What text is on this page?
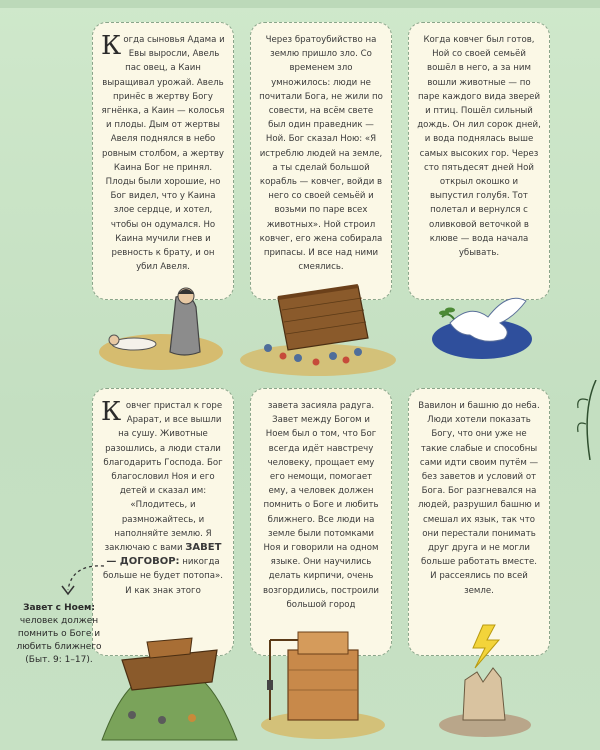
Когда сыновья Адама и Евы выросли, Авель пас овец, а Каин выращивал урожай. Авель принёс в жертву Богу ягнёнка, а Каин — колосья и плоды. Дым от жертвы Авеля поднялся в небо ровным столбом, а жертву Каина Бог не принял. Плоды были хорошие, но Бог видел, что у Каина злое сердце, и хотел, чтобы он одумался. Но Каина мучили гнев и ревность к брату, и он убил Авеля.

Через братоубийство на землю пришло зло. Со временем зло умножилось: люди не почитали Бога, не жили по совести, на всём свете был один праведник — Ной. Бог сказал Ною: «Я истреблю людей на земле, а ты сделай большой корабль — ковчег, войди в него со своей семьёй и возьми по паре всех животных». Ной строил ковчег, его жена собирала припасы. И все над ними смеялись.

Когда ковчег был готов, Ной со своей семьёй вошёл в него, а за ним вошли животные — по паре каждого вида зверей и птиц. Пошёл сильный дождь. Он лил сорок дней, и вода поднялась выше самых высоких гор. Через сто пятьдесят дней Ной открыл окошко и выпустил голубя. Тот полетал и вернулся с оливковой веточкой в клюве — вода начала убывать.

Ковчег пристал к горе Арарат, и все вышли на сушу. Животные разошлись, а люди стали благодарить Господа. Бог благословил Ноя и его детей и сказал им: «Плодитесь, и размножайтесь, и наполняйте землю. Я заключаю с вами ЗАВЕТ — ДОГОВОР: никогда больше не будет потопа». И как знак этого

завета засияла радуга. Завет между Богом и Ноем был о том, что Бог всегда идёт навстречу человеку, прощает ему его немощи, помогает ему, а человек должен помнить о Боге и любить ближнего. Все люди на земле были потомками Ноя и говорили на одном языке. Они научились делать кирпичи, очень возгордились, построили большой город

Вавилон и башню до неба. Люди хотели показать Богу, что они уже не такие слабые и способны сами идти своим путём — без заветов и условий от Бога. Бог разгневался на людей, разрушил башню и смешал их язык, так что они перестали понимать друг друга и не могли больше работать вместе. И рассеялись по всей земле.

Завет с Ноем:
человек должен помнить о Боге и любить ближнего
(Быт. 9: 1–17).
